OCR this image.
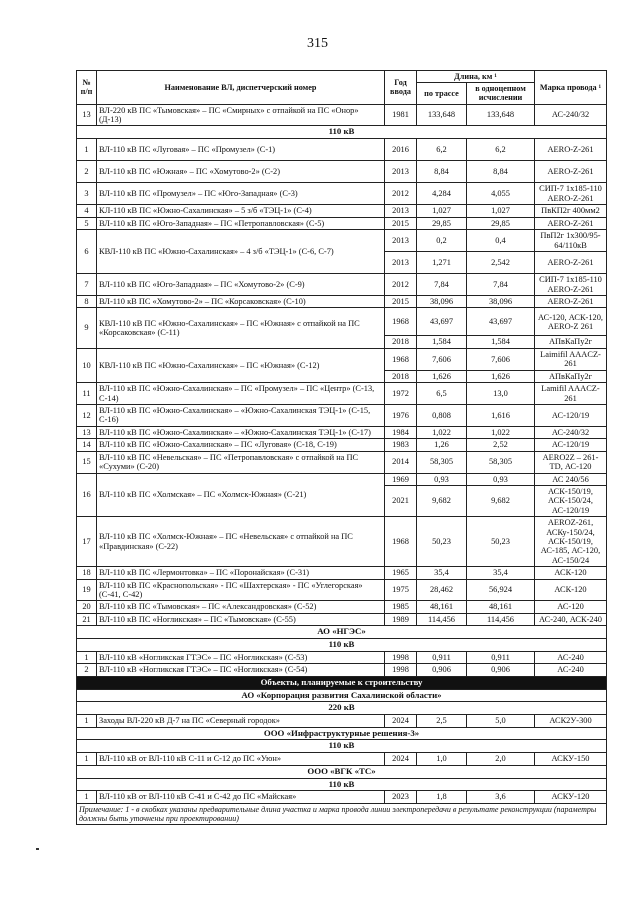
315
№ п/п	Наименование ВЛ, диспетчерский номер	Год ввода	Длина, км ¹		Марка провода ¹
			по трассе	в одноцепном исчислении	
13	ВЛ-220 кВ ПС «Тымовская» – ПС «Смирных» с отпайкой на ПС «Онор» (Д-13)	1981	133,648	133,648	АС-240/32
110 кВ					
1	ВЛ-110 кВ ПС «Луговая» – ПС «Промузел» (С-1)	2016	6,2	6,2	AERO-Z-261
2	ВЛ-110 кВ ПС «Южная» – ПС «Хомутово-2» (С-2)	2013	8,84	8,84	AERO-Z-261
3	ВЛ-110 кВ ПС «Промузел» – ПС «Юго-Западная» (С-3)	2012	4,284	4,055	СИП-7 1х185-110 AERO-Z-261
4	КЛ-110 кВ ПС «Южно-Сахалинская» – 5 з/б «ТЭЦ-1» (С-4)	2013	1,027	1,027	ПвКП2г 400мм2
5	ВЛ-110 кВ ПС «Юго-Западная» – ПС «Петропавловская» (С-5)	2015	29,85	29,85	AERO-Z-261
6	КВЛ-110 кВ ПС «Южно-Сахалинская» – 4 з/б «ТЭЦ-1» (С-6, С-7)	2013	0,2	0,4	ПвП2г 1х300/95-64/110кВ
		2013	1,271	2,542	AERO-Z-261
7	ВЛ-110 кВ ПС «Юго-Западная» – ПС «Хомутово-2» (С-9)	2012	7,84	7,84	СИП-7 1х185-110 AERO-Z-261
8	ВЛ-110 кВ ПС «Хомутово-2» – ПС «Корсаковская» (С-10)	2015	38,096	38,096	AERO-Z-261
9	КВЛ-110 кВ ПС «Южно-Сахалинская» – ПС «Южная» с отпайкой на ПС «Корсаковская» (С-11)	1968	43,697	43,697	АС-120, АСК-120, AERO-Z 261
		2018	1,584	1,584	АПвКаПу2г
10	КВЛ-110 кВ ПС «Южно-Сахалинская» – ПС «Южная» (С-12)	1968	7,606	7,606	Laimifil AAACZ-261
		2018	1,626	1,626	АПвКаПу2г
11	ВЛ-110 кВ ПС «Южно-Сахалинская» – ПС «Промузел» – ПС «Центр» (С-13, С-14)	1972	6,5	13,0	Lamifil AAACZ-261
12	ВЛ-110 кВ ПС «Южно-Сахалинская» – «Южно-Сахалинская ТЭЦ-1» (С-15, С-16)	1976	0,808	1,616	АС-120/19
13	ВЛ-110 кВ ПС «Южно-Сахалинская» – «Южно-Сахалинская ТЭЦ-1» (С-17)	1984	1,022	1,022	АС-240/32
14	ВЛ-110 кВ ПС «Южно-Сахалинская» – ПС «Луговая» (С-18, С-19)	1983	1,26	2,52	АС-120/19
15	ВЛ-110 кВ ПС «Невельская» – ПС «Петропавловская» с отпайкой на ПС «Сухуми» (С-20)	2014	58,305	58,305	AERO2Z – 261-TD, АС-120
16	ВЛ-110 кВ ПС «Холмская» – ПС «Холмск-Южная» (С-21)	1969	0,93	0,93	АС 240/56
		2021	9,682	9,682	АСК-150/19, АСК-150/24, АС-120/19
17	ВЛ-110 кВ ПС «Холмск-Южная» – ПС «Невельская» с отпайкой на ПС «Правдинская» (С-22)	1968	50,23	50,23	AEROZ-261, АСКу-150/24, АСК-150/19, АС-185, АС-120, АС-150/24
18	ВЛ-110 кВ ПС «Лермонтовка» – ПС «Поронайская» (С-31)	1965	35,4	35,4	АСК-120
19	ВЛ-110 кВ ПС «Краснопольская» - ПС «Шахтерская» - ПС «Углегорская» (С-41, С-42)	1975	28,462	56,924	АСК-120
20	ВЛ-110 кВ ПС «Тымовская» – ПС «Александровская» (С-52)	1985	48,161	48,161	АС-120
21	ВЛ-110 кВ ПС «Ногликская» – ПС «Тымовская» (С-55)	1989	114,456	114,456	АС-240, АСК-240
АО «НГЭС»					
110 кВ					
1	ВЛ-110 кВ «Ногликская ГТЭС» – ПС «Ногликская» (С-53)	1998	0,911	0,911	АС-240
2	ВЛ-110 кВ «Ногликская ГТЭС» – ПС «Ногликская» (С-54)	1998	0,906	0,906	АС-240
Объекты, планируемые к строительству					
АО «Корпорация развития Сахалинской области»					
220 кВ					
1	Заходы ВЛ-220 кВ Д-7 на ПС «Северный городок»	2024	2,5	5,0	АСК2У-300
ООО «Инфраструктурные решения-3»					
110 кВ					
1	ВЛ-110 кВ от ВЛ-110 кВ С-11 и С-12 до ПС «Уюн»	2024	1,0	2,0	АСКУ-150
ООО «ВГК «ТС»					
110 кВ					
1	ВЛ-110 кВ от ВЛ-110 кВ С-41 и С-42 до ПС «Майская»	2023	1,8	3,6	АСКУ-120
Примечание: 1 - в скобках указаны предварительные длина участка и марка провода линии электропередачи в результате реконструкции (параметры должны быть уточнены при проектировании)					
